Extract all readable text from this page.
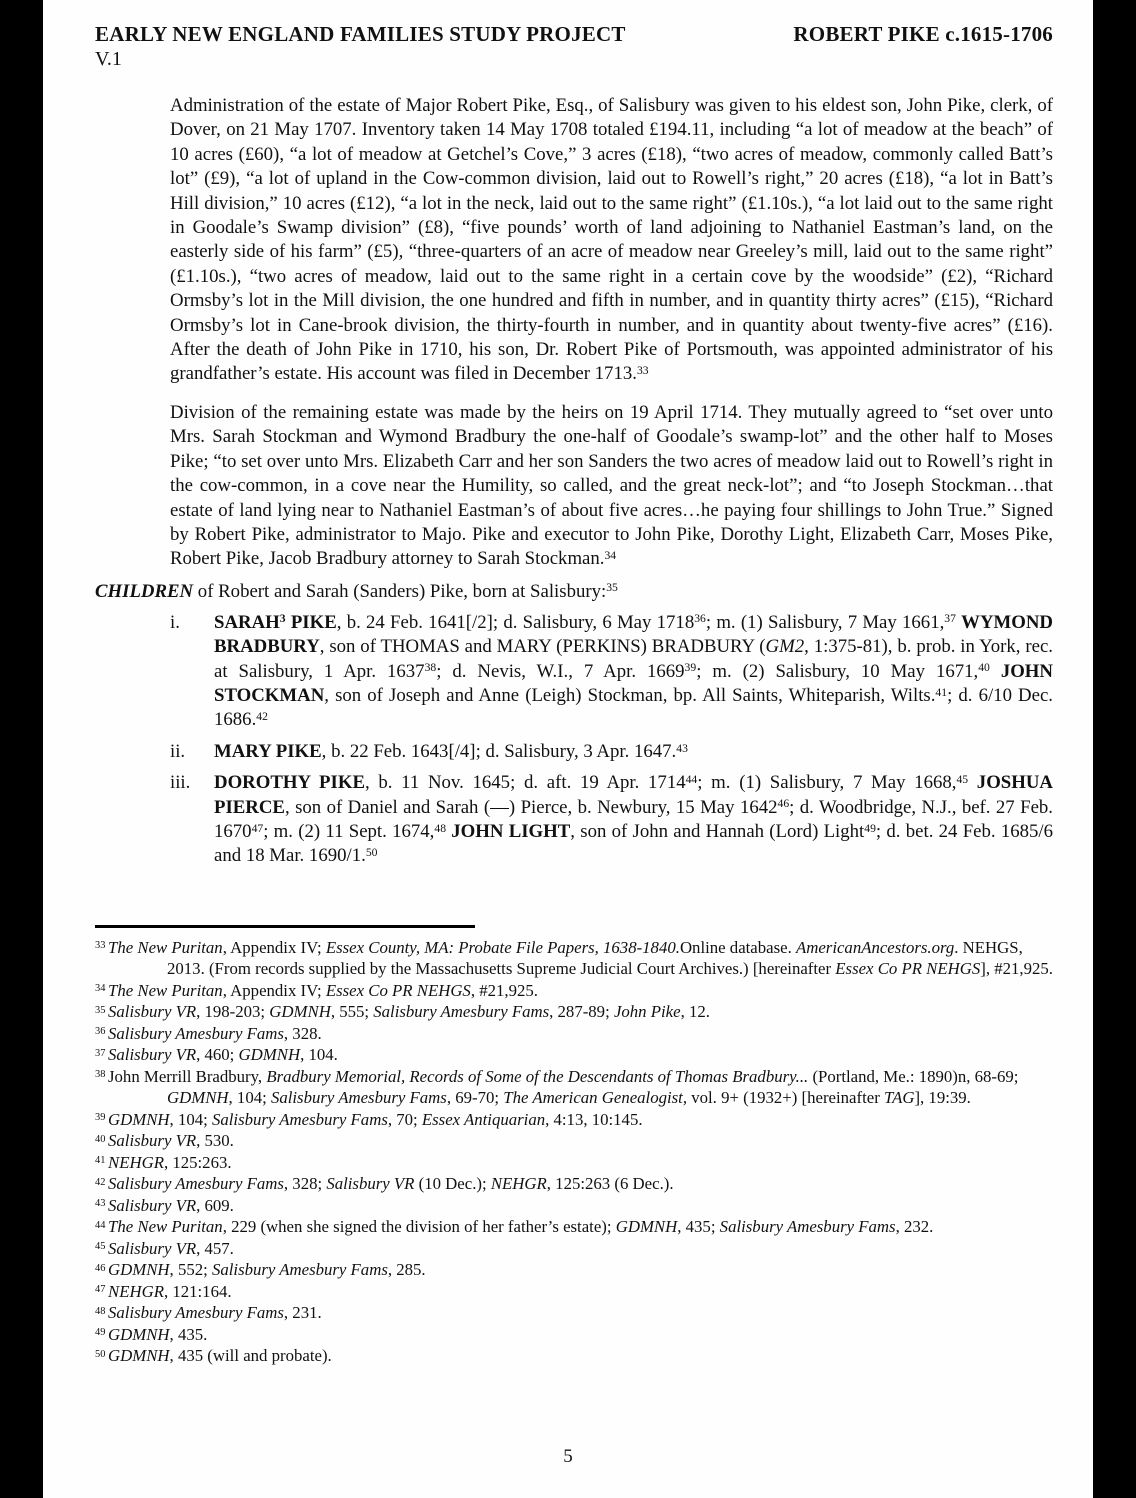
EARLY NEW ENGLAND FAMILIES STUDY PROJECT	ROBERT PIKE c.1615-1706
V.1

Administration of the estate of Major Robert Pike, Esq., of Salisbury was given to his eldest son, John Pike, clerk, of Dover, on 21 May 1707. Inventory taken 14 May 1708 totaled £194.11, including “a lot of meadow at the beach” of 10 acres (£60), “a lot of meadow at Getchel’s Cove,” 3 acres (£18), “two acres of meadow, commonly called Batt’s lot” (£9), “a lot of upland in the Cow-common division, laid out to Rowell’s right,” 20 acres (£18), “a lot in Batt’s Hill division,” 10 acres (£12), “a lot in the neck, laid out to the same right” (£1.10s.), “a lot laid out to the same right in Goodale’s Swamp division” (£8), “five pounds’ worth of land adjoining to Nathaniel Eastman’s land, on the easterly side of his farm” (£5), “three-quarters of an acre of meadow near Greeley’s mill, laid out to the same right” (£1.10s.), “two acres of meadow, laid out to the same right in a certain cove by the woodside” (£2), “Richard Ormsby’s lot in the Mill division, the one hundred and fifth in number, and in quantity thirty acres” (£15), “Richard Ormsby’s lot in Cane-brook division, the thirty-fourth in number, and in quantity about twenty-five acres” (£16). After the death of John Pike in 1710, his son, Dr. Robert Pike of Portsmouth, was appointed administrator of his grandfather’s estate. His account was filed in December 1713.33

Division of the remaining estate was made by the heirs on 19 April 1714. They mutually agreed to “set over unto Mrs. Sarah Stockman and Wymond Bradbury the one-half of Goodale’s swamp-lot” and the other half to Moses Pike; “to set over unto Mrs. Elizabeth Carr and her son Sanders the two acres of meadow laid out to Rowell’s right in the cow-common, in a cove near the Humility, so called, and the great neck-lot”; and “to Joseph Stockman…that estate of land lying near to Nathaniel Eastman’s of about five acres…he paying four shillings to John True.” Signed by Robert Pike, administrator to Majo. Pike and executor to John Pike, Dorothy Light, Elizabeth Carr, Moses Pike, Robert Pike, Jacob Bradbury attorney to Sarah Stockman.$^{34}$

CHILDREN of Robert and Sarah (Sanders) Pike, born at Salisbury:$^{35}$
i.	SARAH$^3$ PIKE, b. 24 Feb. 1641[/2]; d. Salisbury, 6 May 1718$^{36}$; m. (1) Salisbury, 7 May 1661,37 WYMOND BRADBURY, son of THOMAS and MARY (PERKINS) BRADBURY (GM2, 1:375-81), b. prob. in York, rec. at Salisbury, 1 Apr. 1637$^{38}$; d. Nevis, W.I., 7 Apr. 1669$^{39}$; m. (2) Salisbury, 10 May 1671,40 JOHN STOCKMAN, son of Joseph and Anne (Leigh) Stockman, bp. All Saints, Whiteparish, Wilts.$^{41}$; d. 6/10 Dec. 1686.42
ii.	MARY PIKE, b. 22 Feb. 1643[/4]; d. Salisbury, 3 Apr. 1647.43
iii.	DOROTHY PIKE, b. 11 Nov. 1645; d. aft. 19 Apr. 1714$^{44}$; m. (1) Salisbury, 7 May 1668,45 JOSHUA PIERCE, son of Daniel and Sarah (—) Pierce, b. Newbury, 15 May 1642$^{46}$; d. Woodbridge, N.J., bef. 27 Feb. 1670$^{47}$; m. (2) 11 Sept. 1674,48 JOHN LIGHT, son of John and Hannah (Lord) Light$^{49}$; d. bet. 24 Feb. 1685/6 and 18 Mar. 1690/1.50
$^{33}$ The New Puritan, Appendix IV; Essex County, MA: Probate File Papers, 1638-1840.Online database. AmericanAncestors.org. NEHGS, 2013. (From records supplied by the Massachusetts Supreme Judicial Court Archives.) [hereinafter Essex Co PR NEHGS], #21,925.
$^{34}$ The New Puritan, Appendix IV; Essex Co PR NEHGS, #21,925.
$^{35}$ Salisbury VR, 198-203; GDMNH, 555; Salisbury Amesbury Fams, 287-89; John Pike, 12.
$^{36}$ Salisbury Amesbury Fams, 328.
$^{37}$ Salisbury VR, 460; GDMNH, 104.
$^{38}$ John Merrill Bradbury, Bradbury Memorial, Records of Some of the Descendants of Thomas Bradbury... (Portland, Me.: 1890)n, 68-69; GDMNH, 104; Salisbury Amesbury Fams, 69-70; The American Genealogist, vol. 9+ (1932+) [hereinafter TAG], 19:39.
$^{39}$ GDMNH, 104; Salisbury Amesbury Fams, 70; Essex Antiquarian, 4:13, 10:145.
$^{40}$ Salisbury VR, 530.
$^{41}$ NEHGR, 125:263.
$^{42}$ Salisbury Amesbury Fams, 328; Salisbury VR (10 Dec.); NEHGR, 125:263 (6 Dec.).
$^{43}$ Salisbury VR, 609.
$^{44}$ The New Puritan, 229 (when she signed the division of her father’s estate); GDMNH, 435; Salisbury Amesbury Fams, 232.
$^{45}$ Salisbury VR, 457.
$^{46}$ GDMNH, 552; Salisbury Amesbury Fams, 285.
$^{47}$ NEHGR, 121:164.
$^{48}$ Salisbury Amesbury Fams, 231.
$^{49}$ GDMNH, 435.
$^{50}$ GDMNH, 435 (will and probate).
5
